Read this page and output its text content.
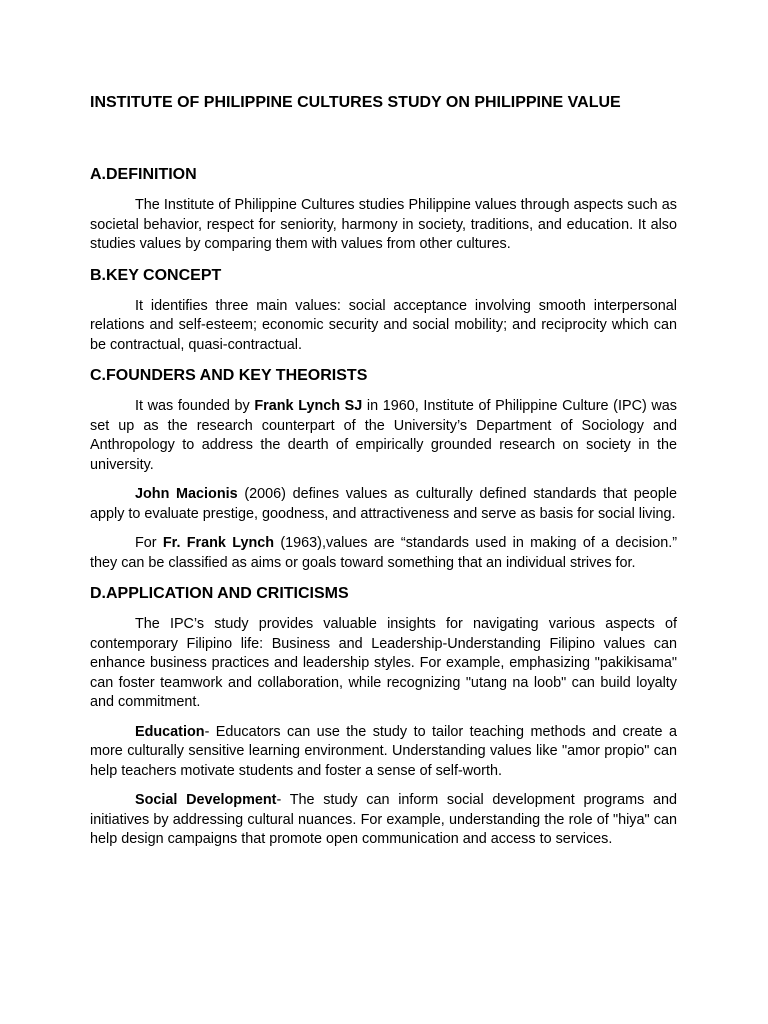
INSTITUTE OF PHILIPPINE CULTURES STUDY ON PHILIPPINE VALUE
A.DEFINITION

The Institute of Philippine Cultures studies Philippine values through aspects such as societal behavior, respect for seniority, harmony in society, traditions, and education. It also studies values by comparing them with values from other cultures.

B.KEY CONCEPT

It identifies three main values: social acceptance involving smooth interpersonal relations and self-esteem; economic security and social mobility; and reciprocity which can be contractual, quasi-contractual.

C.FOUNDERS AND KEY THEORISTS

It was founded by Frank Lynch SJ in 1960, Institute of Philippine Culture (IPC) was set up as the research counterpart of the University’s Department of Sociology and Anthropology to address the dearth of empirically grounded research on society in the university.

John Macionis (2006) defines values as culturally defined standards that people apply to evaluate prestige, goodness, and attractiveness and serve as basis for social living.

For Fr. Frank Lynch (1963),values are “standards used in making of a decision.” they can be classified as aims or goals toward something that an individual strives for.

D.APPLICATION AND CRITICISMS

The IPC’s study provides valuable insights for navigating various aspects of contemporary Filipino life: Business and Leadership-Understanding Filipino values can enhance business practices and leadership styles. For example, emphasizing "pakikisama" can foster teamwork and collaboration, while recognizing "utang na loob" can build loyalty and commitment.

Education- Educators can use the study to tailor teaching methods and create a more culturally sensitive learning environment. Understanding values like "amor propio" can help teachers motivate students and foster a sense of self-worth.

Social Development- The study can inform social development programs and initiatives by addressing cultural nuances. For example, understanding the role of "hiya" can help design campaigns that promote open communication and access to services.
